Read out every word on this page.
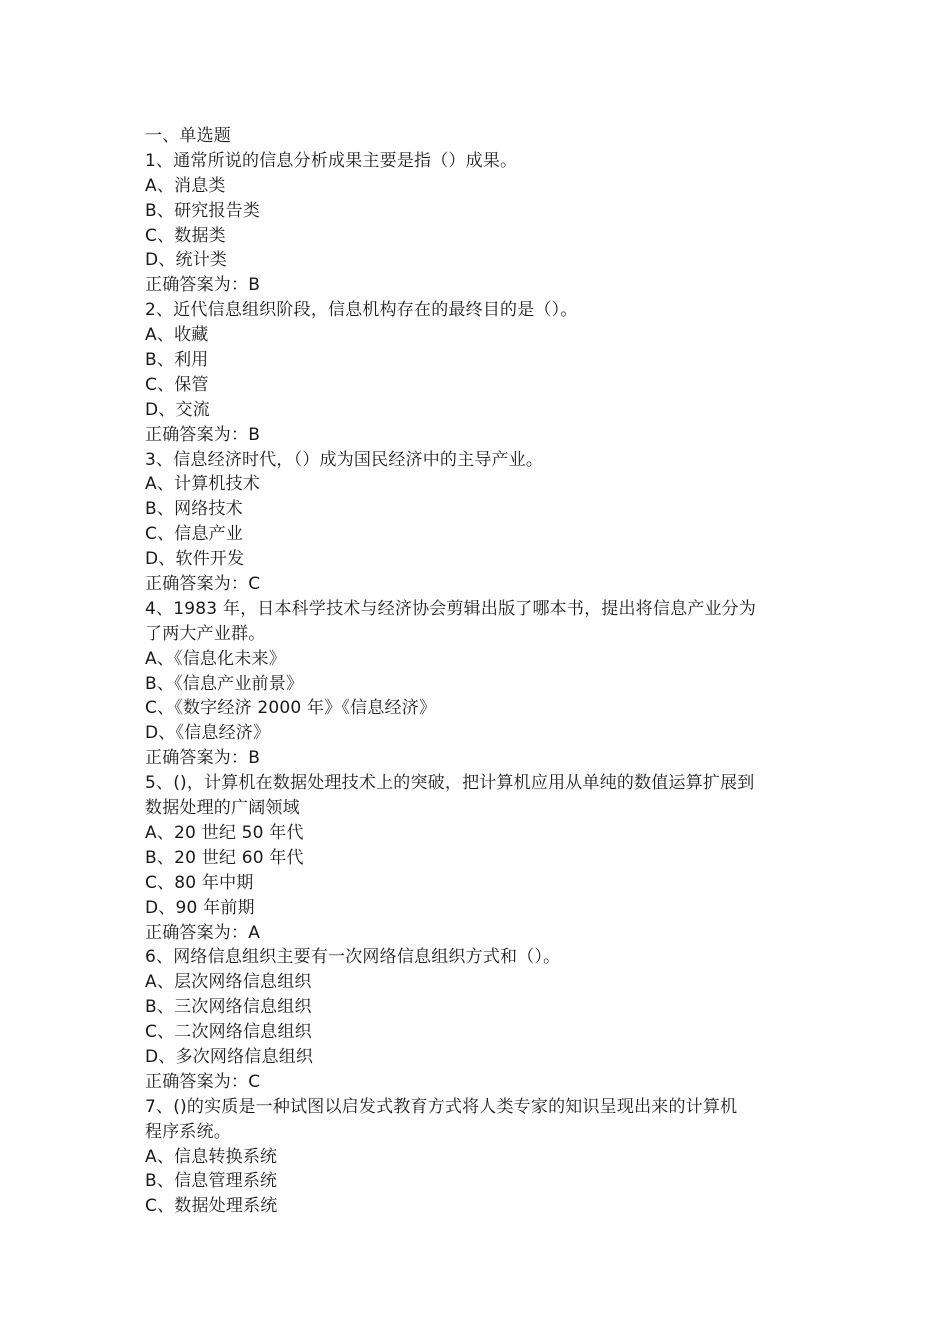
一、单选题
1、通常所说的信息分析成果主要是指（）成果。
A、消息类
B、研究报告类
C、数据类
D、统计类
正确答案为：B
2、近代信息组织阶段，信息机构存在的最终目的是（）。
A、收藏
B、利用
C、保管
D、交流
正确答案为：B
3、信息经济时代，（）成为国民经济中的主导产业。
A、计算机技术
B、网络技术
C、信息产业
D、软件开发
正确答案为：C
4、1983 年，日本科学技术与经济协会剪辑出版了哪本书，提出将信息产业分为
了两大产业群。
A、《信息化未来》
B、《信息产业前景》
C、《数字经济 2000 年》《信息经济》
D、《信息经济》
正确答案为：B
5、()，计算机在数据处理技术上的突破，把计算机应用从单纯的数值运算扩展到
数据处理的广阔领域
A、20 世纪 50 年代
B、20 世纪 60 年代
C、80 年中期
D、90 年前期
正确答案为：A
6、网络信息组织主要有一次网络信息组织方式和（）。
A、层次网络信息组织
B、三次网络信息组织
C、二次网络信息组织
D、多次网络信息组织
正确答案为：C
7、()的实质是一种试图以启发式教育方式将人类专家的知识呈现出来的计算机
程序系统。
A、信息转换系统
B、信息管理系统
C、数据处理系统
